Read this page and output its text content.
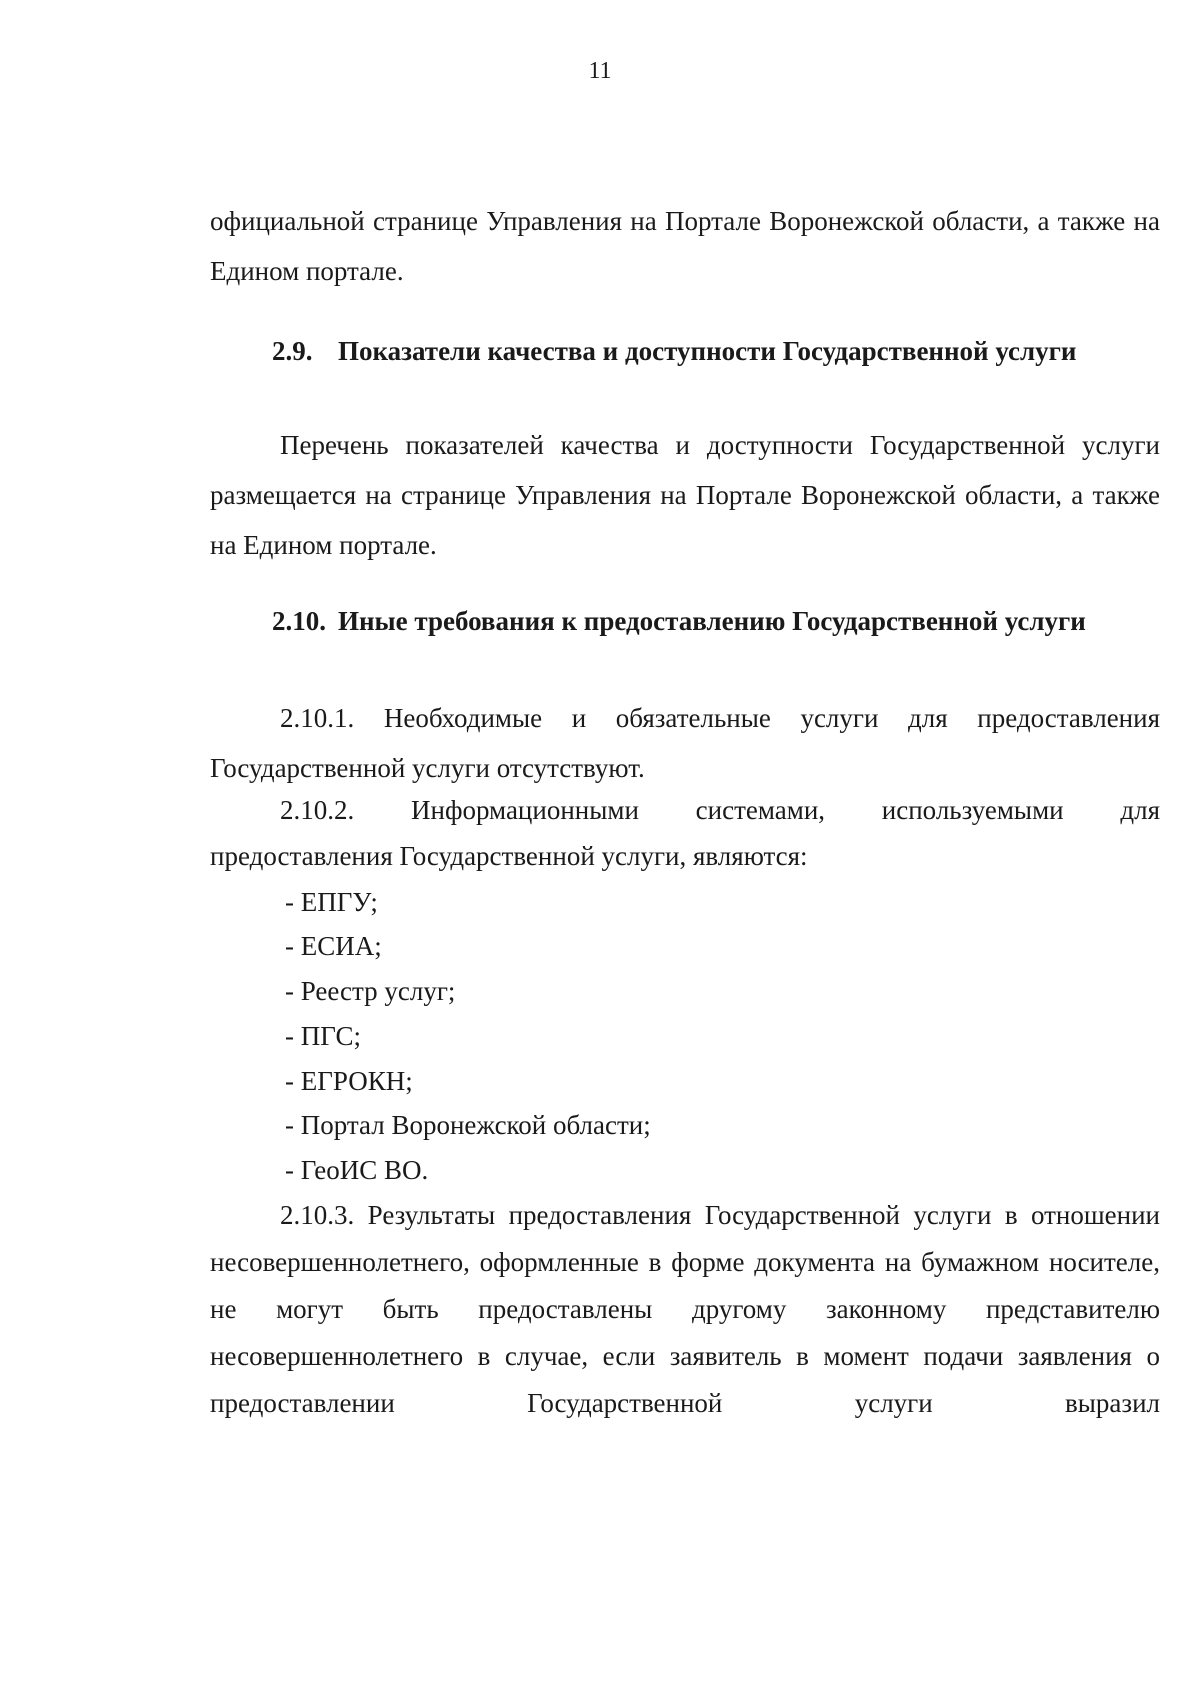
11

официальной странице Управления на Портале Воронежской области, а также на Едином портале.

2.9. Показатели качества и доступности Государственной услуги

Перечень показателей качества и доступности Государственной услуги размещается на странице Управления на Портале Воронежской области, а также на Едином портале.

2.10. Иные требования к предоставлению Государственной услуги

2.10.1. Необходимые и обязательные услуги для предоставления Государственной услуги отсутствуют.

2.10.2. Информационными системами, используемыми для

предоставления Государственной услуги, являются:

- ЕПГУ;

- ЕСИА;

- Реестр услуг;

- ПГС;

- ЕГРОКН;

- Портал Воронежской области;

- ГеоИС ВО.

2.10.3. Результаты предоставления Государственной услуги в отношении несовершеннолетнего, оформленные в форме документа на бумажном носителе, не могут быть предоставлены другому законному представителю несовершеннолетнего в случае, если заявитель в момент подачи заявления о предоставлении Государственной услуги выразил
